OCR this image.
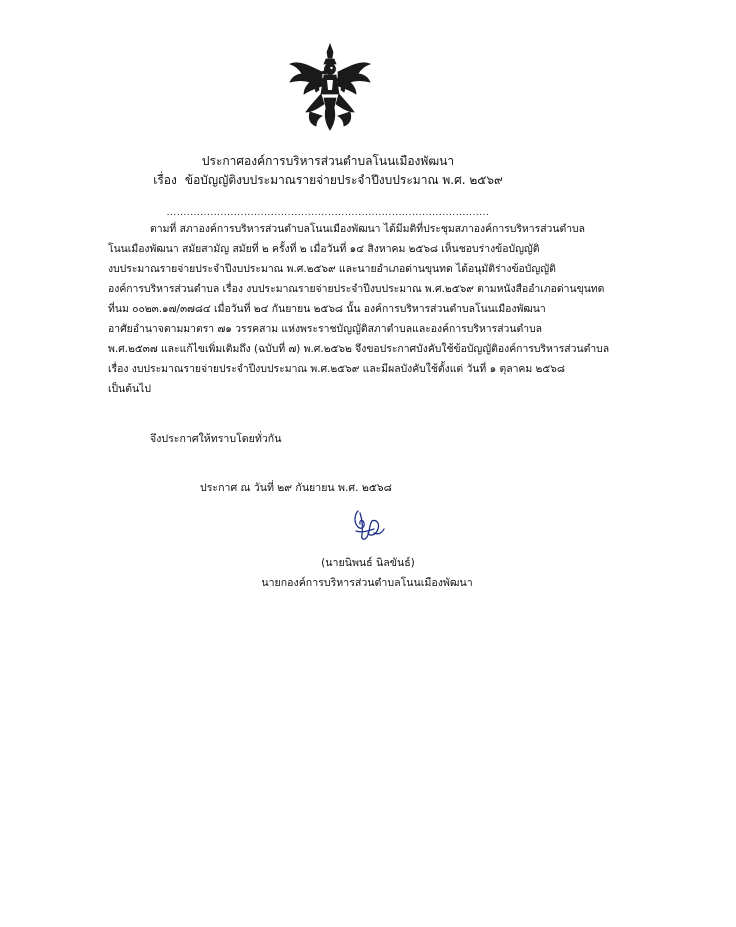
ประกาศองค์การบริหารส่วนตำบลโนนเมืองพัฒนา
เรื่อง ข้อบัญญัติงบประมาณรายจ่ายประจำปีงบประมาณ พ.ศ. ๒๕๖๙
................................................................................................
ตามที่ สภาองค์การบริหารส่วนตำบลโนนเมืองพัฒนา ได้มีมติที่ประชุมสภาองค์การบริหารส่วนตำบล
โนนเมืองพัฒนา สมัยสามัญ สมัยที่ ๒ ครั้งที่ ๒ เมื่อวันที่ ๑๔ สิงหาคม ๒๕๖๘ เห็นชอบร่างข้อบัญญัติ
งบประมาณรายจ่ายประจำปีงบประมาณ พ.ศ.๒๕๖๙ และนายอำเภอด่านขุนทด ได้อนุมัติร่างข้อบัญญัติ
องค์การบริหารส่วนตำบล เรื่อง งบประมาณรายจ่ายประจำปีงบประมาณ พ.ศ.๒๕๖๙ ตามหนังสืออำเภอด่านขุนทด
ที่นม ๐๐๒๓.๑๗/๓๗๘๔ เมื่อวันที่ ๒๔ กันยายน ๒๕๖๘ นั้น องค์การบริหารส่วนตำบลโนนเมืองพัฒนา
อาศัยอำนาจตามมาตรา ๗๑ วรรคสาม แห่งพระราชบัญญัติสภาตำบลและองค์การบริหารส่วนตำบล
พ.ศ.๒๕๓๗ และแก้ไขเพิ่มเติมถึง (ฉบับที่ ๗) พ.ศ.๒๕๖๒ จึงขอประกาศบังคับใช้ข้อบัญญัติองค์การบริหารส่วนตำบล
เรื่อง งบประมาณรายจ่ายประจำปีงบประมาณ พ.ศ.๒๕๖๙ และมีผลบังคับใช้ตั้งแต่ วันที่ ๑ ตุลาคม ๒๕๖๘
เป็นต้นไป
จึงประกาศให้ทราบโดยทั่วกัน
ประกาศ ณ วันที่ ๒๙ กันยายน พ.ศ. ๒๕๖๘
(นายนิพนธ์ นิลขันธ์)
นายกองค์การบริหารส่วนตำบลโนนเมืองพัฒนา
